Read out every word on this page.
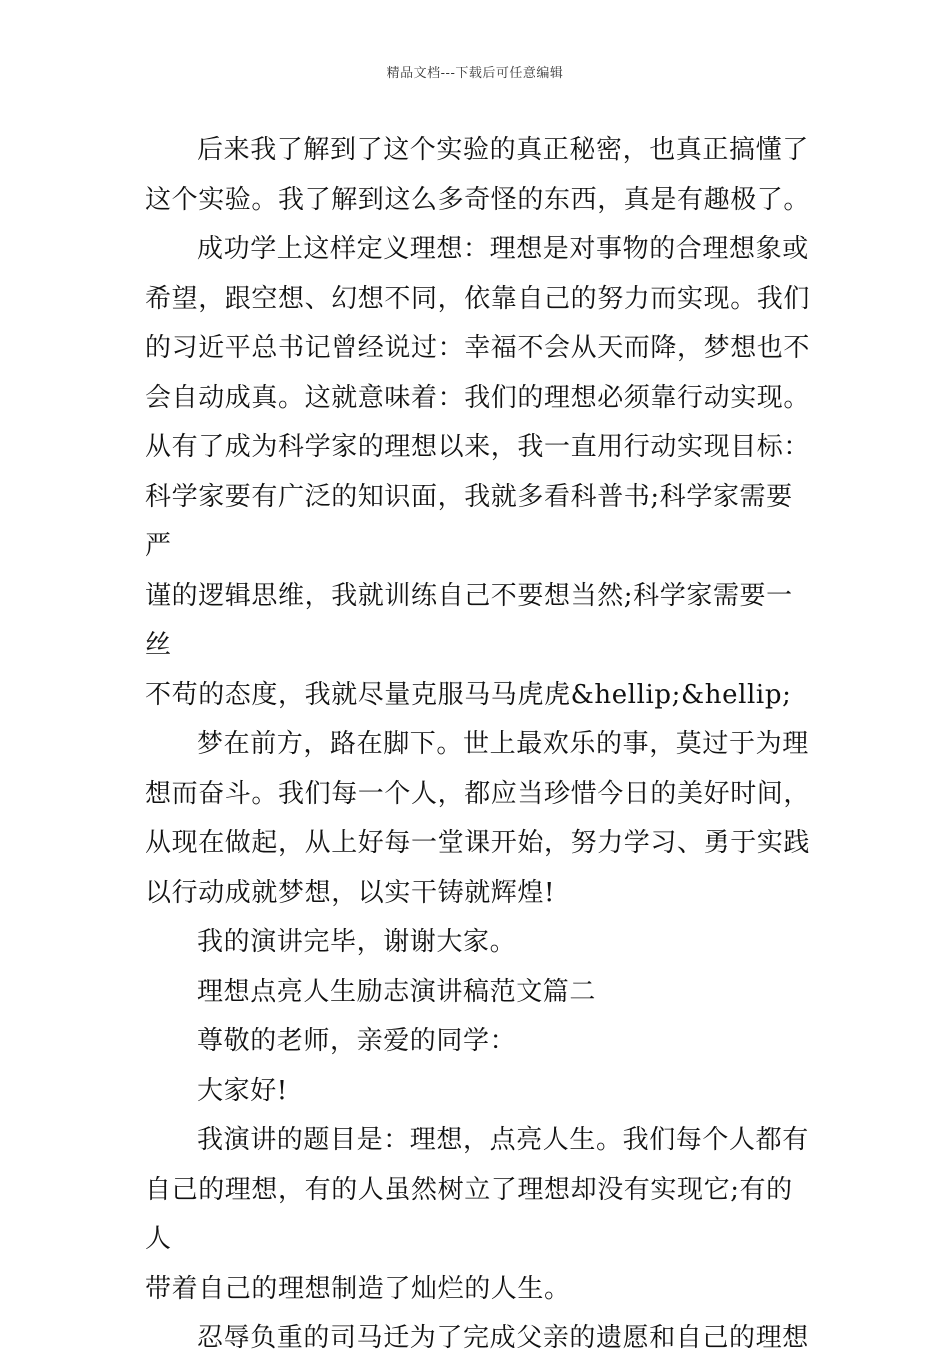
精品文档---下载后可任意编辑

后来我了解到了这个实验的真正秘密，也真正搞懂了
这个实验。我了解到这么多奇怪的东西，真是有趣极了。

成功学上这样定义理想：理想是对事物的合理想象或
希望，跟空想、幻想不同，依靠自己的努力而实现。我们
的习近平总书记曾经说过：幸福不会从天而降，梦想也不
会自动成真。这就意味着：我们的理想必须靠行动实现。
从有了成为科学家的理想以来，我一直用行动实现目标：
科学家要有广泛的知识面，我就多看科普书;科学家需要严
谨的逻辑思维，我就训练自己不要想当然;科学家需要一丝
不苟的态度，我就尽量克服马马虎虎&hellip;&hellip;

梦在前方，路在脚下。世上最欢乐的事，莫过于为理
想而奋斗。我们每一个人，都应当珍惜今日的美好时间，
从现在做起，从上好每一堂课开始，努力学习、勇于实践
以行动成就梦想，以实干铸就辉煌!

我的演讲完毕，谢谢大家。

理想点亮人生励志演讲稿范文篇二

尊敬的老师，亲爱的同学：

大家好!

我演讲的题目是：理想，点亮人生。我们每个人都有
自己的理想，有的人虽然树立了理想却没有实现它;有的人
带着自己的理想制造了灿烂的人生。

忍辱负重的司马迁为了完成父亲的遗愿和自己的理想
